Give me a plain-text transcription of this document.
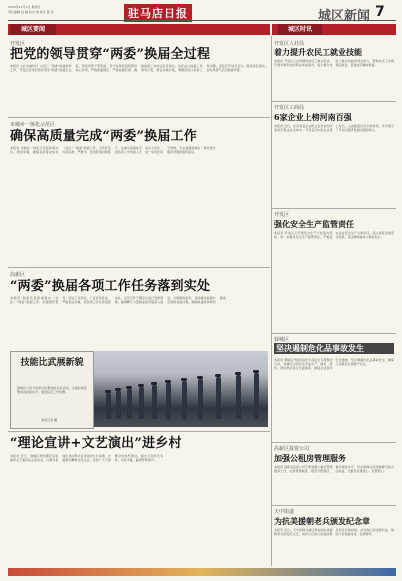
2014年11月2日 星期日
责任编辑 赵 越 校对 梅 版式 陈 杰	驻马店日报	城区新闻 7
城区要闻	城区时讯
开发区
把党的领导贯穿“两委”换届全过程
本报讯 为扎实做好村（社区）“两委”换届选举工作，开发区把党的领导贯穿“两委”换届全过程，坚持党管干部原则，充分发挥党组织领导核心作用，严格换届程序，严肃换届纪律，确保换届工作依法有序进行。该区成立换届工作领导小组，制定实施方案，明确目标任务和工作步骤，层层召开动员会议，强化责任落实，营造风清气正的换届环境。
市城乡一体化示范区
确保高质量完成“两委”换届工作
本报讯 市城乡一体化示范区积极动员，周密部署，确保高质量完成村（社区）“两委”换届工作。示范区坚持高标准、严要求，选优配强村级班子，注重从致富能手、返乡大学生、退伍军人中选拔人才，进一步优化班子结构，为全面推进城乡一体化建设提供坚强的组织保证。
高新区
“两委”换届各项工作任务落到实处
本报讯 高新区高度重视村（社区）“两委”换届工作，加强组织领导，落实工作责任，广泛宣传发动，严格依法办事，把各项工作任务落到实处。该区召开专题会议进行安排部署，抽调精干力量组成指导组深入基层，全程跟踪指导，及时解决换届中出现的各类问题，确保换届选举顺利推进。
技能比武展新貌
驿城区公安分局举行民警技能比武活动，全面检验民警实战技能水平，激发队伍工作热情。
本报记者 摄
“理论宣讲+文艺演出”进乡村
本报讯 近日，驿城区组织理论宣讲团和文艺演出队走进乡村，以群众喜闻乐见的形式宣讲党的方针政策，丰富群众精神文化生活，受到广大干部群众的热烈欢迎。演出节目形式多样，内容丰富，赢得阵阵掌声。
开发区人社局
着力提升农民工就业技能
本报讯 开发区人社局围绕农民工就业需求，开展多种形式的职业技能培训，着力提升农民工就业技能和创业能力，帮助农民工实现稳定就业，促进农民增收致富。
开发区工商局
6家企业上榜河南百强
本报讯 近日，在河南省企业联合会发布的河南省百强企业名单中，开发区有6家企业榜上有名，入选数量位居全市前列，充分展示了开发区经济发展的强劲势头。
开发区
强化安全生产监管责任
本报讯 开发区以开展安全生产大检查为契机，进一步强化安全生产监管责任，严格落实企业安全生产主体责任，深入排查各类安全隐患，坚决遏制重特大事故发生。
驿城区
坚决遏制危化品事故发生
本报讯 驿城区开展危险化学品安全专项整治行动，对辖区内危险化学品生产、储存、经营、使用单位进行全面排查，督促企业落实安全措施，坚决遏制危化品事故发生，确保人民群众生命财产安全。
高新区投资公司
加强公租房管理服务
本报讯 高新区投资公司不断加强公租房管理服务工作，完善管理制度，规范分配程序，提升服务水平，切实保障住房困难群众的合法权益，让群众住得放心、住得舒心。
天中街道
为抗美援朝老兵颁发纪念章
本报讯 近日，天中街道为辖区健在的抗美援朝老兵颁发纪念章，向老兵们致以崇高的敬意和亲切的问候，并为他们送去慰问品，勉励大家保重身体，安享晚年。
